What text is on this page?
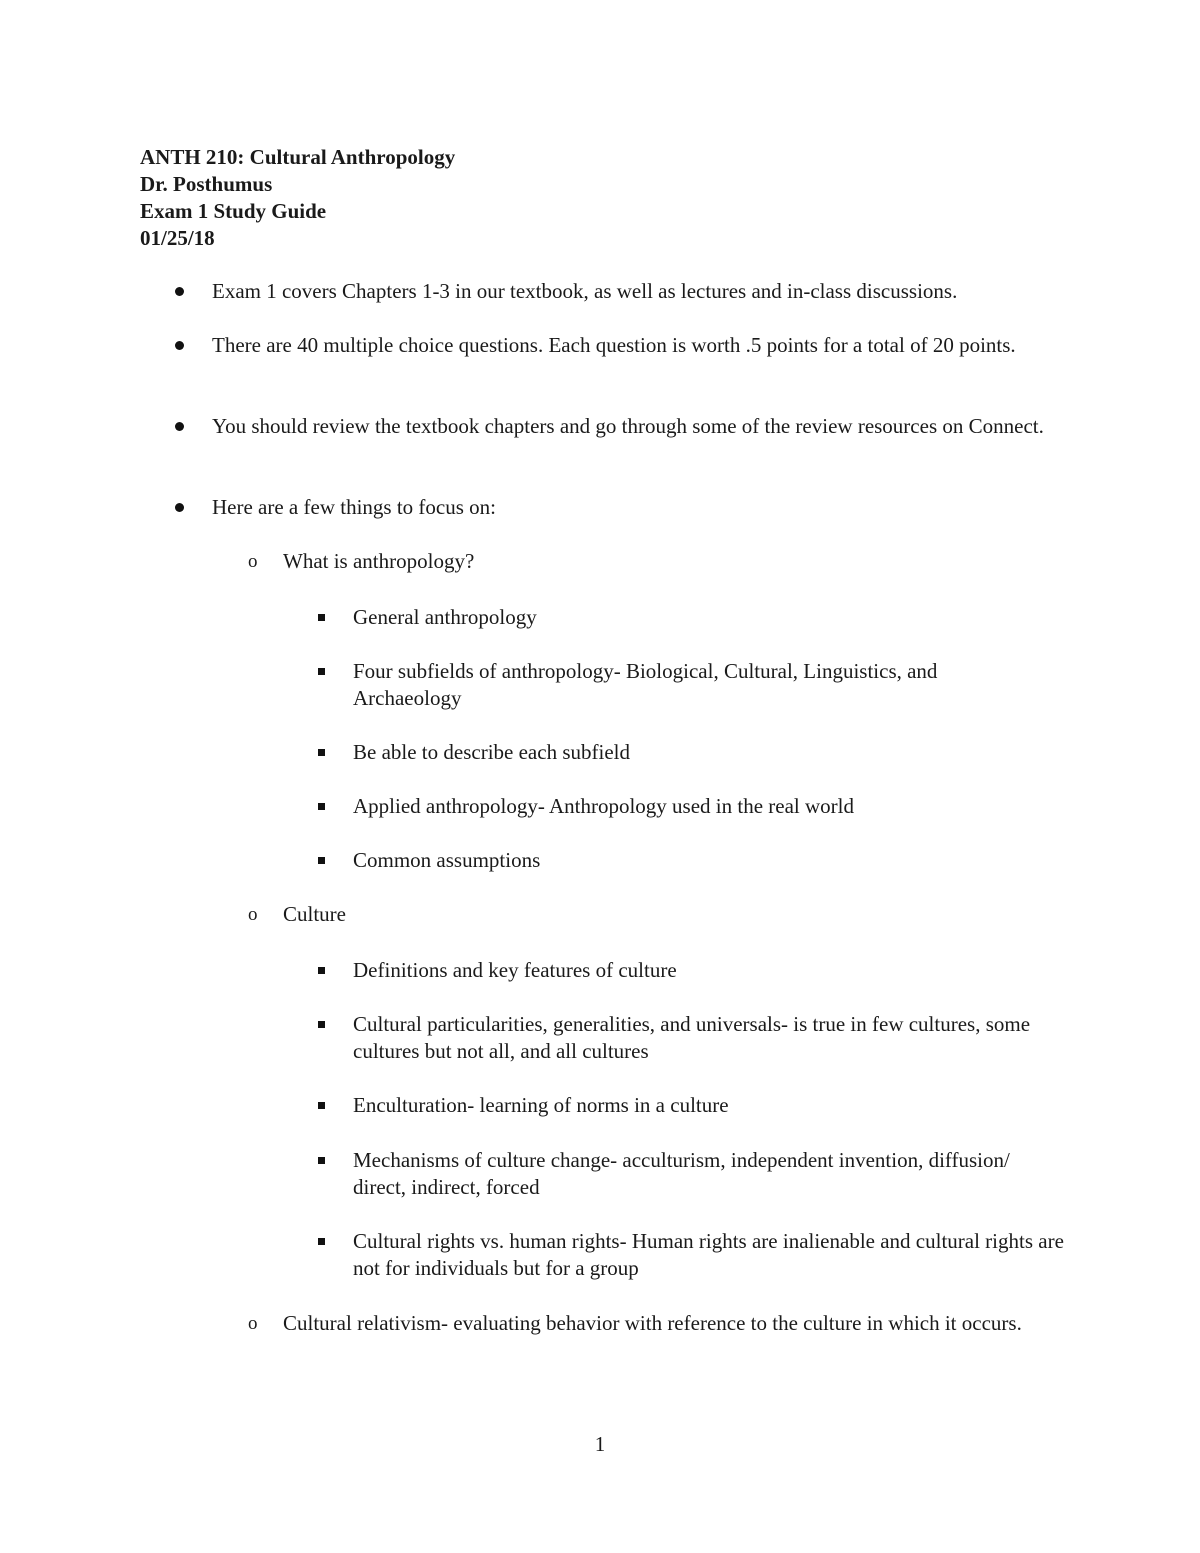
ANTH 210: Cultural Anthropology
Dr. Posthumus
Exam 1 Study Guide
01/25/18
Exam 1 covers Chapters 1-3 in our textbook, as well as lectures and in-class discussions.
There are 40 multiple choice questions. Each question is worth .5 points for a total of 20 points.
You should review the textbook chapters and go through some of the review resources on Connect.
Here are a few things to focus on:
o What is anthropology?
General anthropology
Four subfields of anthropology- Biological, Cultural, Linguistics, and Archaeology
Be able to describe each subfield
Applied anthropology- Anthropology used in the real world
Common assumptions
o Culture
Definitions and key features of culture
Cultural particularities, generalities, and universals- is true in few cultures, some cultures but not all, and all cultures
Enculturation- learning of norms in a culture
Mechanisms of culture change- acculturism, independent invention, diffusion/ direct, indirect, forced
Cultural rights vs. human rights- Human rights are inalienable and cultural rights are not for individuals but for a group
o Cultural relativism- evaluating behavior with reference to the culture in which it occurs.
1
